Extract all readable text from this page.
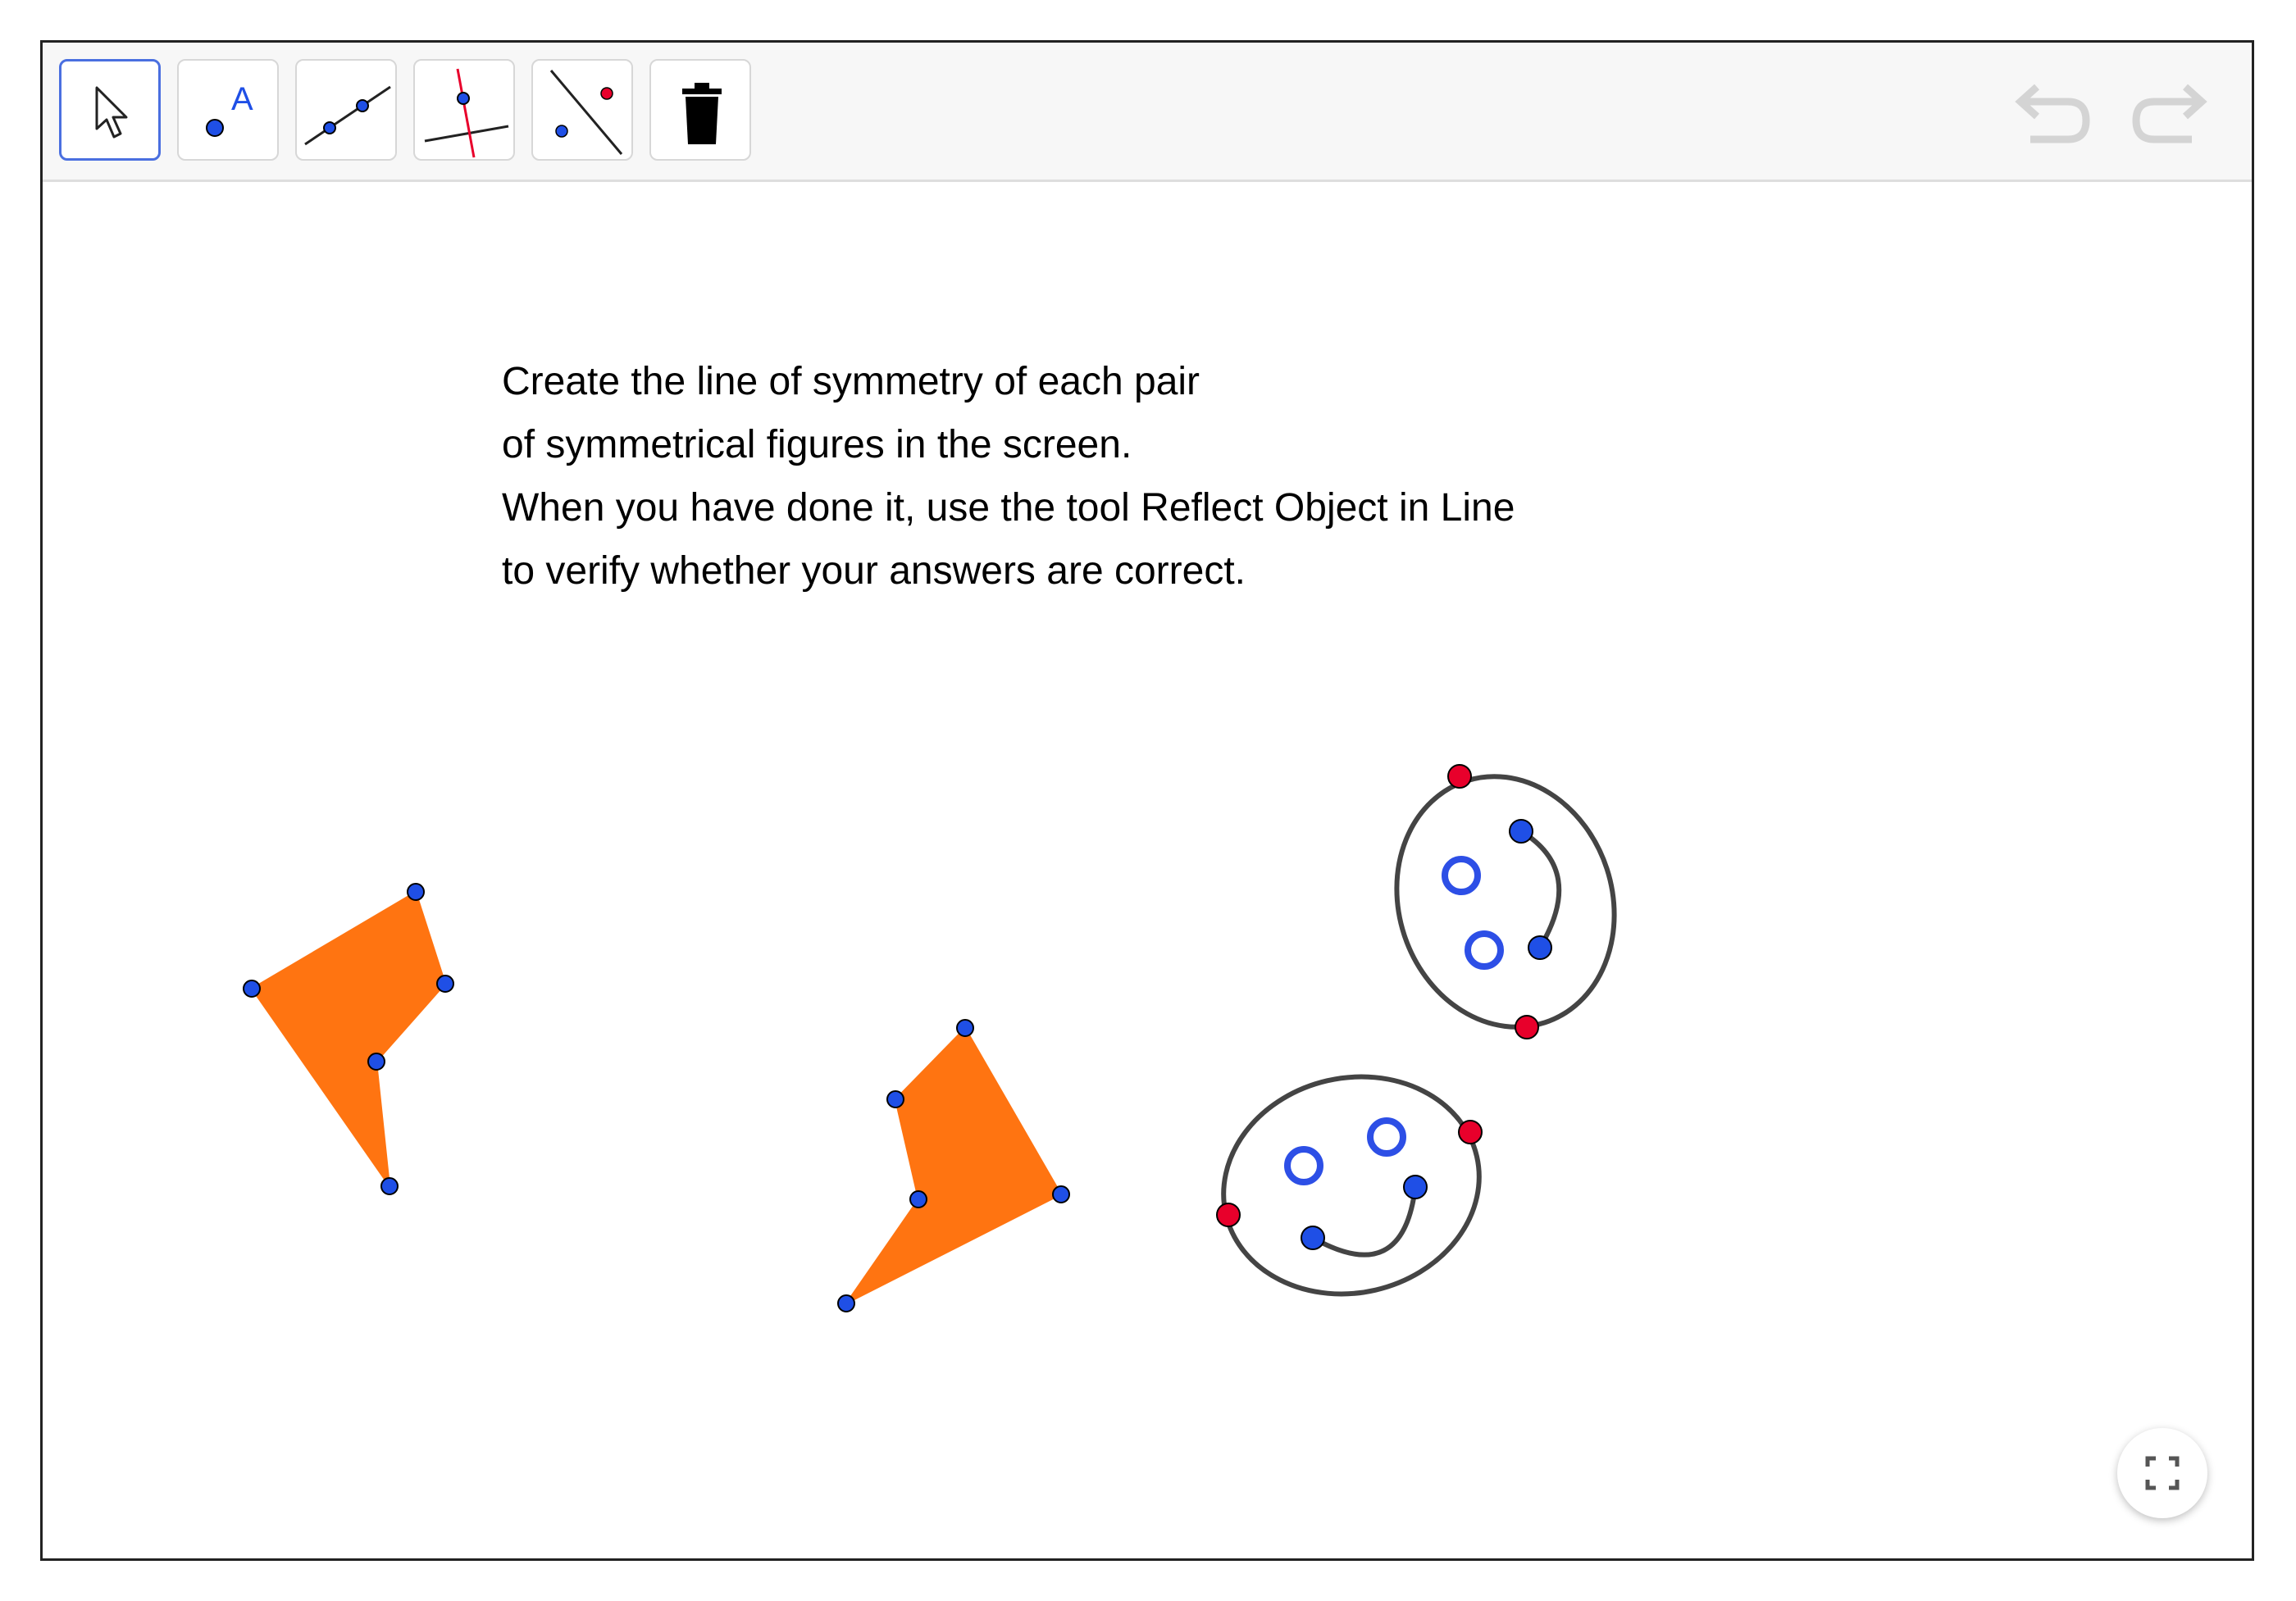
A
Create the line of symmetry of each pair
of symmetrical figures in the screen.
When you have done it, use the tool Reflect Object in Line
to verify whether your answers are correct.
